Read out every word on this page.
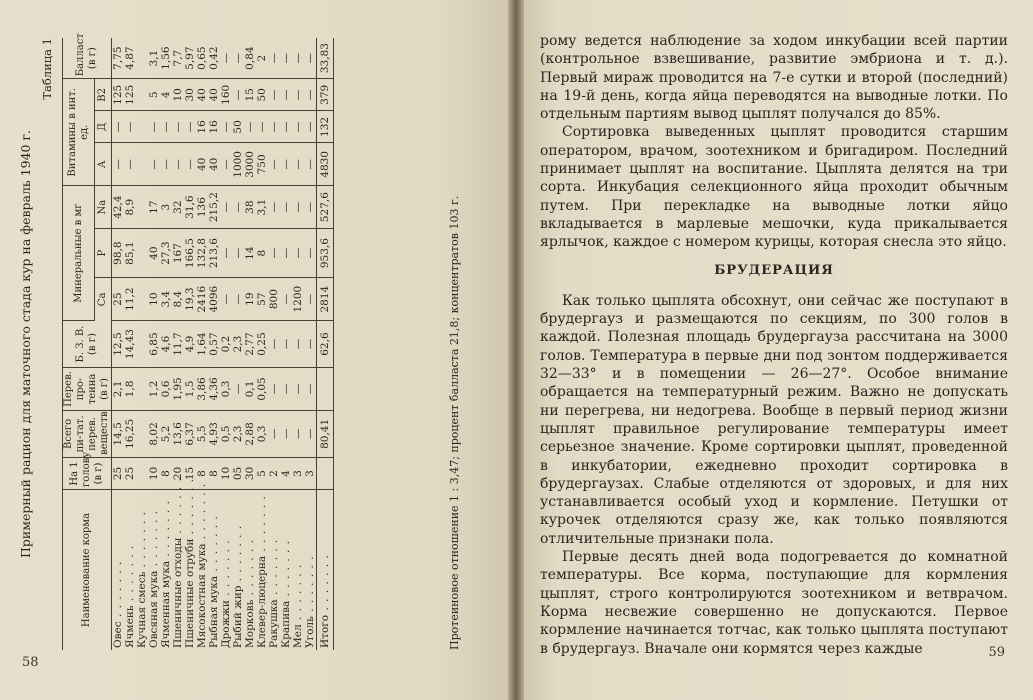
Примерный рацион для маточного стада кур на февраль 1940 г.
Таблица 1
Наименование корма	На 1 голову (в г)	Всего пи-тат. перев. веществ	Перев. про-теина (в г)	Б. З. В. (в г)	Минеральные в мг			Витамины в инт. ед.			Балласт (в г)
					Ca	P	Na	А	Д	В2	
Овес . . . . . . .	25	14,5	2,1	12,5	25	98,8	42,4	—	—	125	7,75
Ячмень . . . . . . .	25	16,25	1,8	14,43	11,2	85,1	8,9	—	—	125	4,87
Кучная смесь . . . . . . .											
Овсяная мука . . . . . . .	10	8,02	1,2	6,85	10	40	17	—	—	5	3,1
Ячменная мука . . . . . . .	8	5,2	0,6	4,6	3,4	27,3	3	—	—	4	1,56
Пшеничные отходы . . . . . . .	20	13,6	1,95	11,7	8,4	167	32	—	—	10	7,7
Пшеничные отруби . . . . . . .	15	6,37	1,5	4,9	19,3	166,5	31,6	—	—	30	5,97
Мясокостная мука . . . . . . .	8	5,5	3,86	1,64	2416	132,8	136	40	16	40	0,65
Рыбная мука . . . . . . .	8	4,93	4,36	0,57	4096	213,6	215,2	40	16	40	0,42
Дрожжи . . . . . . .	10	0,5	0,3	0,2	—	—	—	—	—	160	—
Рыбий жир . . . . . . .	05	2,3	—	2,3	—	—	—	1000	50	—	—
Морковь . . . . . . .	30	2,88	0,1	2,77	19	14	38	3000	—	15	0,84
Клевер-люцерна . . . . . . .	5	0,3	0,05	0,25	57	8	3,1	750	—	50	2
Ракушка . . . . . . .	2	—	—	—	800	—	—	—	—	—	—
Крапива . . . . . . .	4	—	—	—	—	—	—	—	—	—	—
Мел . . . . . . .	3	—	—	—	1200	—	—	—	—	—	—
Уголь . . . . . . .	3	—	—	—	—	—	—	—	—	—	—
Итого . . . . . . .		80,41		62,6	2814	953,6	527,6	4830	132	379	33,83
Протеиновое отношение 1 : 3,47; процент балласта 21,8; концентратов 103 г.
58

рому ведется наблюдение за ходом инкубации всей партии (контрольное взвешивание, развитие эмбриона и т. д.). Первый мираж проводится на 7-е сутки и второй (последний) на 19-й день, когда яйца переводятся на выводные лотки. По отдельным партиям вывод цыплят получался до 85%.

Сортировка выведенных цыплят проводится старшим оператором, врачом, зоотехником и бригадиром. Последний принимает цыплят на воспитание. Цыплята делятся на три сорта. Инкубация селекционного яйца проходит обычным путем. При перекладке на выводные лотки яйцо вкладывается в марлевые мешочки, куда прикалывается ярлычок, каждое с номером курицы, которая снесла это яйцо.

БРУДЕРАЦИЯ

Как только цыплята обсохнут, они сейчас же поступают в брудергауз и размещаются по секциям, по 300 голов в каждой. Полезная площадь брудергауза рассчитана на 3000 голов. Температура в первые дни под зонтом поддерживается 32—33° и в помещении — 26—27°. Особое внимание обращается на температурный режим. Важно не допускать ни перегрева, ни недогрева. Вообще в первый период жизни цыплят правильное регулирование температуры имеет серьезное значение. Кроме сортировки цыплят, проведенной в инкубатории, ежедневно проходит сортировка в брудергаузах. Слабые отделяются от здоровых, и для них устанавливается особый уход и кормление. Петушки от курочек отделяются сразу же, как только появляются отличительные признаки пола.

Первые десять дней вода подогревается до комнатной температуры. Все корма, поступающие для кормления цыплят, строго контролируются зоотехником и ветврачом. Корма несвежие совершенно не допускаются. Первое кормление начинается тотчас, как только цыплята поступают в брудергауз. Вначале они кормятся через каждые	59
